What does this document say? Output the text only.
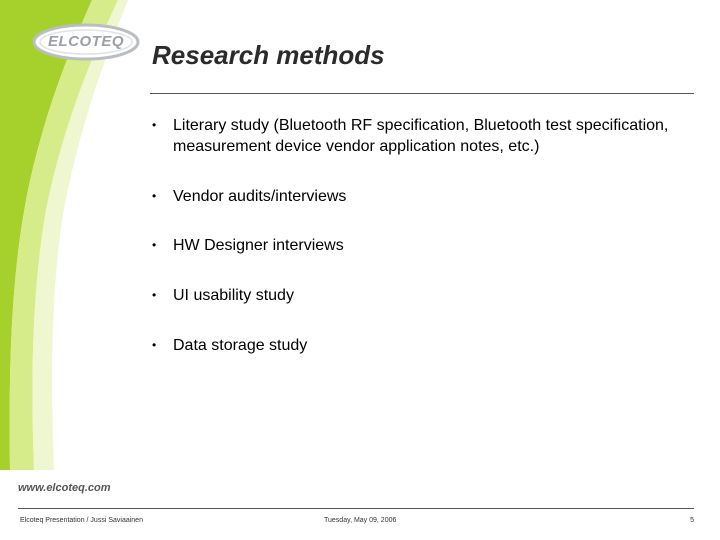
ELCOTEQ	Research methods
•	Literary study (Bluetooth RF specification, Bluetooth test specification, measurement device vendor application notes, etc.)
•	Vendor audits/interviews
•	HW Designer interviews
•	UI usability study
•	Data storage study
www.elcoteq.com
Elcoteq Presentation / Jussi Saviaainen	Tuesday, May 09, 2006	5
